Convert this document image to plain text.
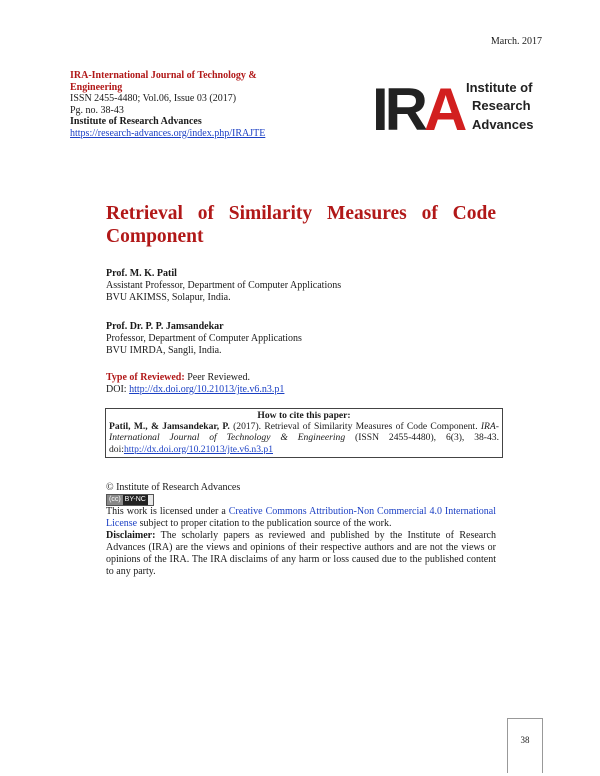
March. 2017
IRA-International Journal of Technology & Engineering
ISSN 2455-4480; Vol.06, Issue 03 (2017)
Pg. no. 38-43
Institute of Research Advances
https://research-advances.org/index.php/IRAJTE	IRA Institute of
Research
Advances
Retrieval of Similarity Measures of Code
Component
Prof. M. K. Patil
Assistant Professor, Department of Computer Applications
BVU AKIMSS, Solapur, India.
Prof. Dr. P. P. Jamsandekar
Professor, Department of Computer Applications
BVU IMRDA, Sangli, India.
Type of Reviewed: Peer Reviewed.
DOI: http://dx.doi.org/10.21013/jte.v6.n3.p1
How to cite this paper:
Patil, M., & Jamsandekar, P. (2017). Retrieval of Similarity Measures of Code Component. IRA-International Journal of Technology & Engineering (ISSN 2455-4480), 6(3), 38-43. doi:http://dx.doi.org/10.21013/jte.v6.n3.p1
© Institute of Research Advances
(cc) BY-NC
This work is licensed under a Creative Commons Attribution-Non Commercial 4.0 International License subject to proper citation to the publication source of the work.
Disclaimer: The scholarly papers as reviewed and published by the Institute of Research Advances (IRA) are the views and opinions of their respective authors and are not the views or opinions of the IRA. The IRA disclaims of any harm or loss caused due to the published content to any party.
38
